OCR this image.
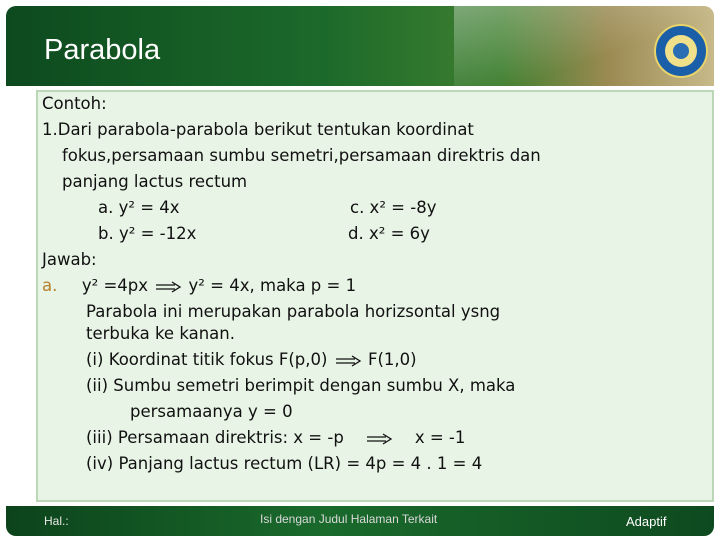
Parabola
Contoh:
1.Dari parabola-parabola berikut tentukan koordinat
fokus,persamaan sumbu semetri,persamaan direktris dan
panjang lactus rectum
a. y² = 4x	c. x² = -8y
b. y² = -12x	d. x² = 6y
Jawab:
a. y² =4px y² = 4x, maka p = 1
Parabola ini merupakan parabola horizsontal ysng
terbuka ke kanan.
(i) Koordinat titik fokus F(p,0) F(1,0)
(ii) Sumbu semetri berimpit dengan sumbu X, maka
persamaanya y = 0
(iii) Persamaan direktris: x = -p	x = -1
(iv) Panjang lactus rectum (LR) = 4p = 4 . 1 = 4
Hal.:	Isi dengan Judul Halaman Terkait	Adaptif
